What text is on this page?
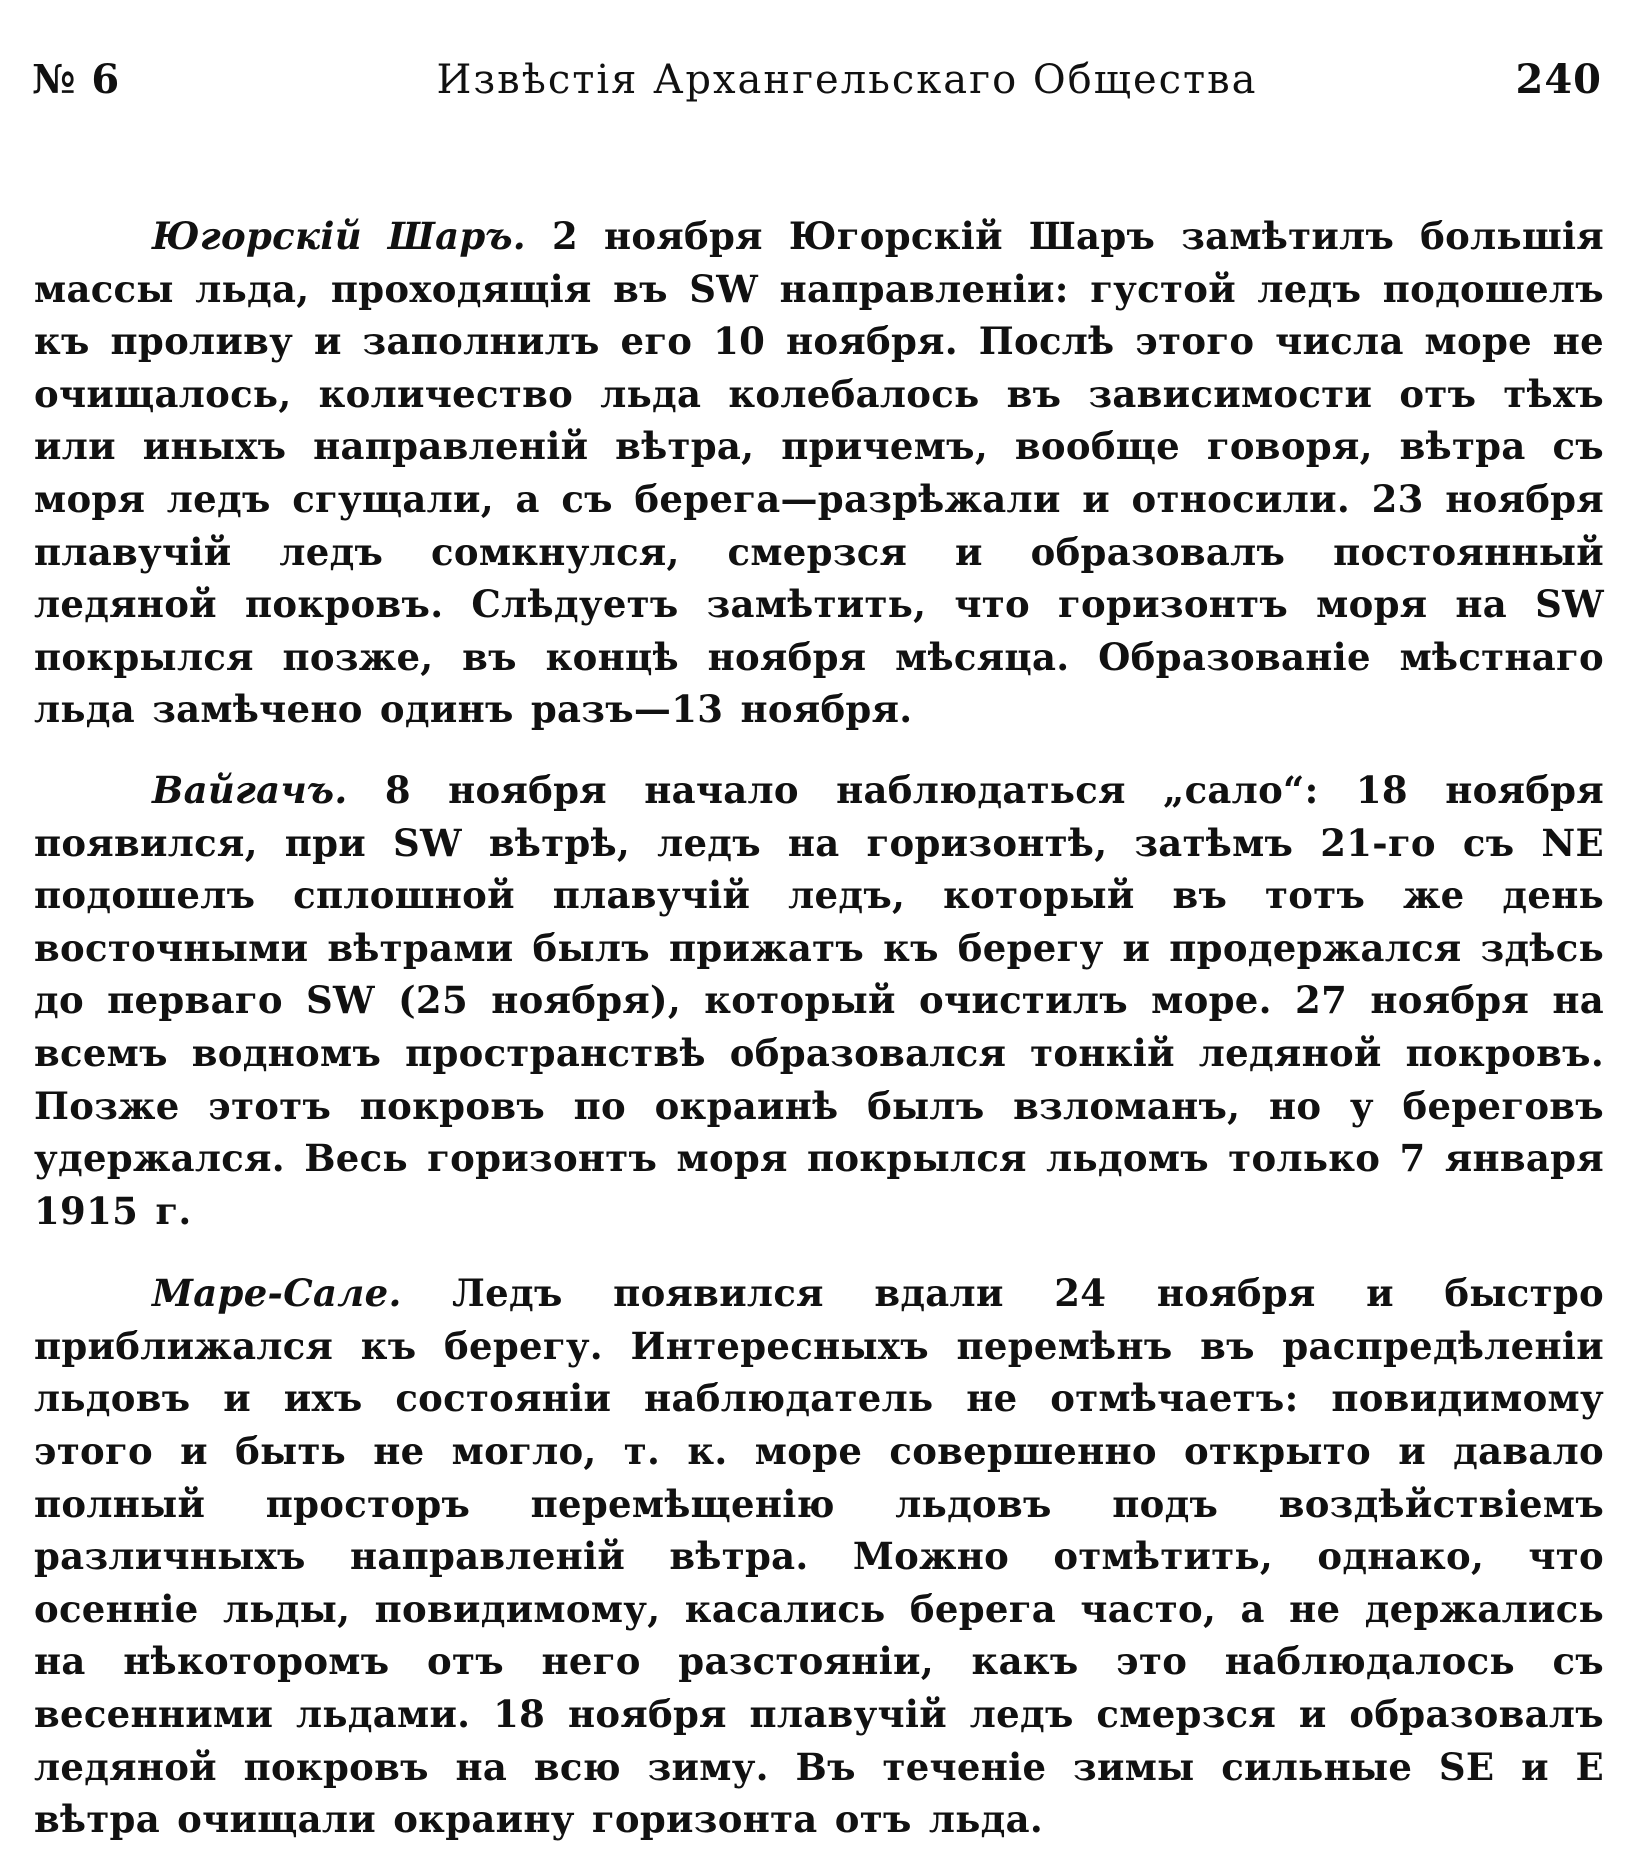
№ 6	Извѣстія Архангельскаго Общества	240

Югорскій Шаръ. 2 ноября Югорскій Шаръ замѣтилъ большія массы льда, проходящія въ SW направленіи: густой ледъ подошелъ къ проливу и заполнилъ его 10 ноября. Послѣ этого числа море не очищалось, количество льда колебалось въ зависимости отъ тѣхъ или иныхъ направленій вѣтра, причемъ, вообще говоря, вѣтра съ моря ледъ сгущали, а съ берега—разрѣжали и относили. 23 ноября плавучій ледъ сомкнулся, смерзся и образовалъ постоянный ледяной покровъ. Слѣдуетъ замѣтить, что горизонтъ моря на SW покрылся позже, въ концѣ ноября мѣсяца. Образованіе мѣстнаго льда замѣчено одинъ разъ—13 ноября.

Вайгачъ. 8 ноября начало наблюдаться „сало“: 18 ноября появился, при SW вѣтрѣ, ледъ на горизонтѣ, затѣмъ 21-го съ NE подошелъ сплошной плавучій ледъ, который въ тотъ же день восточными вѣтрами былъ прижатъ къ берегу и продержался здѣсь до перваго SW (25 ноября), который очистилъ море. 27 ноября на всемъ водномъ пространствѣ образовался тонкій ледяной покровъ. Позже этотъ покровъ по окраинѣ былъ взломанъ, но у береговъ удержался. Весь горизонтъ моря покрылся льдомъ только 7 января 1915 г.

Маре-Сале. Ледъ появился вдали 24 ноября и быстро приближался къ берегу. Интересныхъ перемѣнъ въ распредѣленіи льдовъ и ихъ состояніи наблюдатель не отмѣчаетъ: повидимому этого и быть не могло, т. к. море совершенно открыто и давало полный просторъ перемѣщенію льдовъ подъ воздѣйствіемъ различныхъ направленій вѣтра. Можно отмѣтить, однако, что осенніе льды, повидимому, касались берега часто, а не держались на нѣкоторомъ отъ него разстояніи, какъ это наблюдалось съ весенними льдами. 18 ноября плавучій ледъ смерзся и образовалъ ледяной покровъ на всю зиму. Въ теченіе зимы сильные SE и E вѣтра очищали окраину горизонта отъ льда.
